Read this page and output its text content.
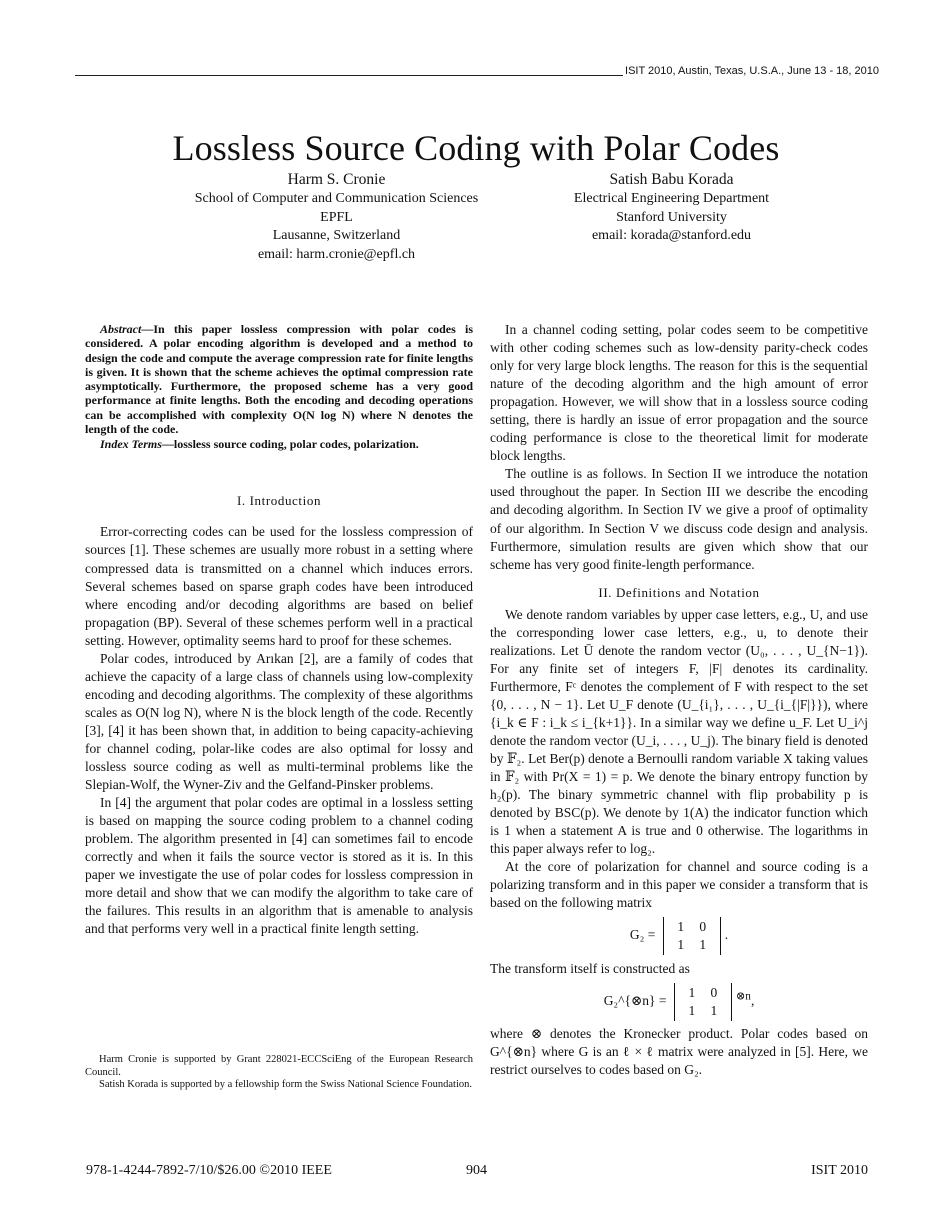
ISIT 2010, Austin, Texas, U.S.A., June 13 - 18, 2010
Lossless Source Coding with Polar Codes
Harm S. Cronie
School of Computer and Communication Sciences
EPFL
Lausanne, Switzerland
email: harm.cronie@epfl.ch
Satish Babu Korada
Electrical Engineering Department
Stanford University
email: korada@stanford.edu

Abstract—In this paper lossless compression with polar codes is considered. A polar encoding algorithm is developed and a method to design the code and compute the average compression rate for finite lengths is given. It is shown that the scheme achieves the optimal compression rate asymptotically. Furthermore, the proposed scheme has a very good performance at finite lengths. Both the encoding and decoding operations can be accomplished with complexity O(N log N) where N denotes the length of the code.

Index Terms—lossless source coding, polar codes, polarization.

I. Introduction

Error-correcting codes can be used for the lossless compression of sources [1]. These schemes are usually more robust in a setting where compressed data is transmitted on a channel which induces errors. Several schemes based on sparse graph codes have been introduced where encoding and/or decoding algorithms are based on belief propagation (BP). Several of these schemes perform well in a practical setting. However, optimality seems hard to proof for these schemes.

Polar codes, introduced by Arıkan [2], are a family of codes that achieve the capacity of a large class of channels using low-complexity encoding and decoding algorithms. The complexity of these algorithms scales as O(N log N), where N is the block length of the code. Recently [3], [4] it has been shown that, in addition to being capacity-achieving for channel coding, polar-like codes are also optimal for lossy and lossless source coding as well as multi-terminal problems like the Slepian-Wolf, the Wyner-Ziv and the Gelfand-Pinsker problems.

In [4] the argument that polar codes are optimal in a lossless setting is based on mapping the source coding problem to a channel coding problem. The algorithm presented in [4] can sometimes fail to encode correctly and when it fails the source vector is stored as it is. In this paper we investigate the use of polar codes for lossless compression in more detail and show that we can modify the algorithm to take care of the failures. This results in an algorithm that is amenable to analysis and that performs very well in a practical finite length setting.

Harm Cronie is supported by Grant 228021-ECCSciEng of the European Research Council.

Satish Korada is supported by a fellowship form the Swiss National Science Foundation.

In a channel coding setting, polar codes seem to be competitive with other coding schemes such as low-density parity-check codes only for very large block lengths. The reason for this is the sequential nature of the decoding algorithm and the high amount of error propagation. However, we will show that in a lossless source coding setting, there is hardly an issue of error propagation and the source coding performance is close to the theoretical limit for moderate block lengths.

The outline is as follows. In Section II we introduce the notation used throughout the paper. In Section III we describe the encoding and decoding algorithm. In Section IV we give a proof of optimality of our algorithm. In Section V we discuss code design and analysis. Furthermore, simulation results are given which show that our scheme has very good finite-length performance.

II. Definitions and Notation

We denote random variables by upper case letters, e.g., U, and use the corresponding lower case letters, e.g., u, to denote their realizations. Let Ū denote the random vector (U₀, . . . , U_{N−1}). For any finite set of integers F, |F| denotes its cardinality. Furthermore, Fᶜ denotes the complement of F with respect to the set {0, . . . , N − 1}. Let U_F denote (U_{i₁}, . . . , U_{i_{|F|}}), where {i_k ∈ F : i_k ≤ i_{k+1}}. In a similar way we define u_F. Let U_i^j denote the random vector (U_i, . . . , U_j). The binary field is denoted by 𝔽₂. Let Ber(p) denote a Bernoulli random variable X taking values in 𝔽₂ with Pr(X = 1) = p. We denote the binary entropy function by h₂(p). The binary symmetric channel with flip probability p is denoted by BSC(p). We denote by 1(A) the indicator function which is 1 when a statement A is true and 0 otherwise. The logarithms in this paper always refer to log₂.

At the core of polarization for channel and source coding is a polarizing transform and in this paper we consider a transform that is based on the following matrix

G₂ = 1 0
1 1.

The transform itself is constructed as

G₂^{⊗n} = 1 0
1 $1^{\otimes n}$,

where ⊗ denotes the Kronecker product. Polar codes based on G^{⊗n} where G is an ℓ × ℓ matrix were analyzed in [5]. Here, we restrict ourselves to codes based on G₂.

978-1-4244-7892-7/10/$26.00 ©2010 IEEE	904	ISIT 2010
